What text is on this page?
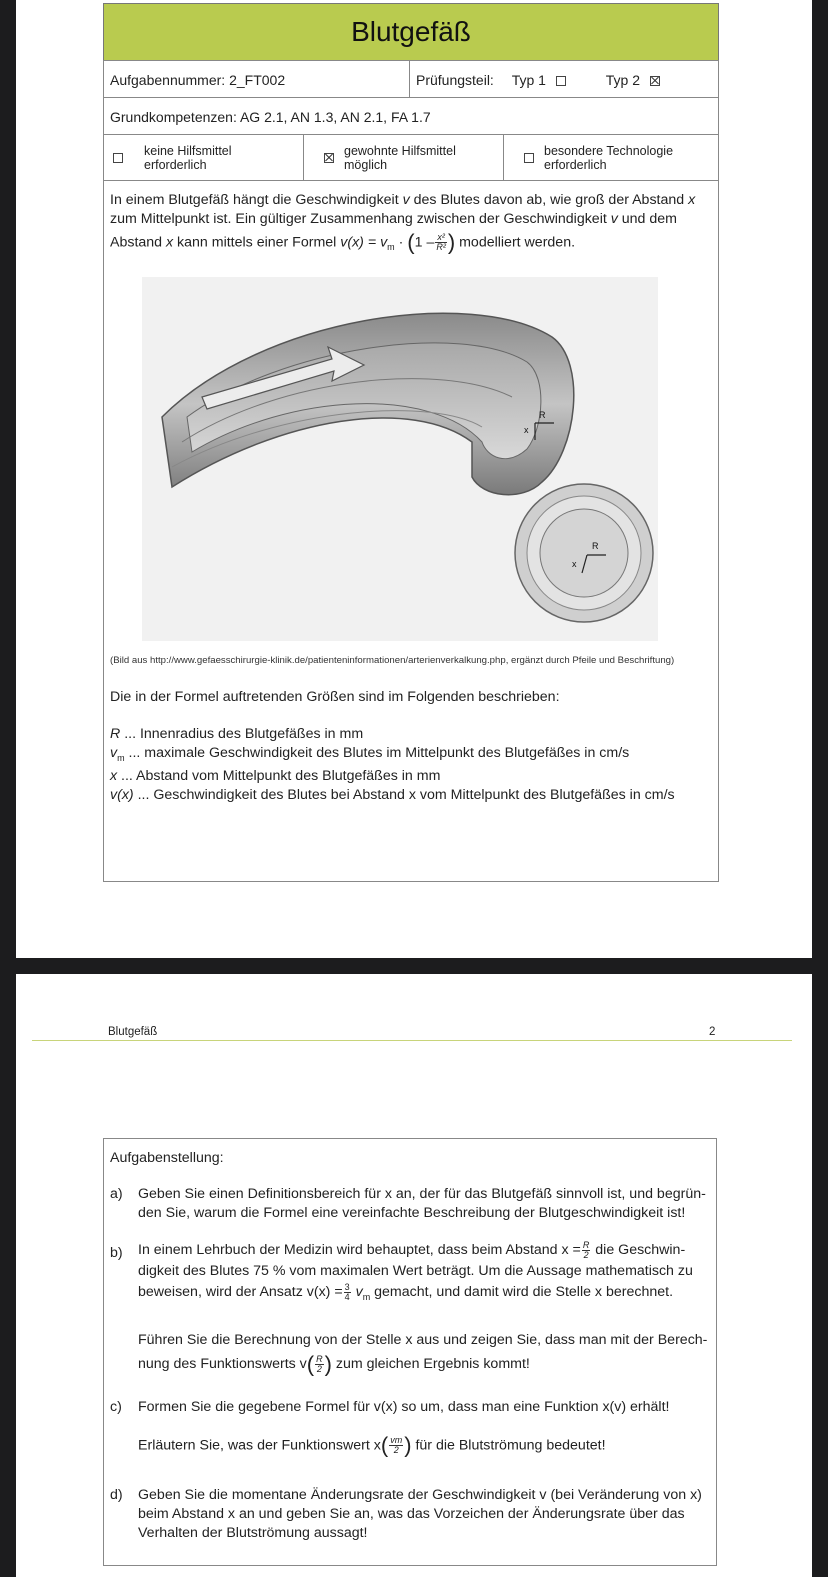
Blutgefäß
Aufgabennummer: 2_FT002	Prüfungsteil: Typ 1	Typ 2
Grundkompetenzen: AG 2.1, AN 1.3, AN 2.1, FA 1.7
keine Hilfsmittel
erforderlich
gewohnte Hilfsmittel
möglich
besondere Technologie
erforderlich
In einem Blutgefäß hängt die Geschwindigkeit v des Blutes davon ab, wie groß der Abstand x
zum Mittelpunkt ist. Ein gültiger Zusammenhang zwischen der Geschwindigkeit v und dem
Abstand x kann mittels einer Formel $v(x) = v_m \cdot (1 - \frac{\text{x²}}{\text{R²}}$ ) modelliert werden.
R
x
R
x
(Bild aus http://www.gefaesschirurgie-klinik.de/patienteninformationen/arterienverkalkung.php, ergänzt durch Pfeile und Beschriftung)
Die in der Formel auftretenden Größen sind im Folgenden beschrieben:
R ... Innenradius des Blutgefäßes in mm
$v_m$ ... maximale Geschwindigkeit des Blutes im Mittelpunkt des Blutgefäßes in cm/s
x ... Abstand vom Mittelpunkt des Blutgefäßes in mm
v(x) ... Geschwindigkeit des Blutes bei Abstand x vom Mittelpunkt des Blutgefäßes in cm/s
Blutgefäß	2
Aufgabenstellung:
a) Geben Sie einen Definitionsbereich für x an, der für das Blutgefäß sinnvoll ist, und begrün-
den Sie, warum die Formel eine vereinfachte Beschreibung der Blutgeschwindigkeit ist!
b) In einem Lehrbuch der Medizin wird behauptet, dass beim Abstand $x = \frac{R}{2}$ die Geschwin-
digkeit des Blutes 75 % vom maximalen Wert beträgt. Um die Aussage mathematisch zu
beweisen, wird der Ansatz $v(x) = \frac{3}{4} v_m$ gemacht, und damit wird die Stelle x berechnet.
Führen Sie die Berechnung von der Stelle x aus und zeigen Sie, dass man mit der Berech-
nung des Funktionswerts $v( \frac{R}{2}$ ) zum gleichen Ergebnis kommt!
c) Formen Sie die gegebene Formel für v(x) so um, dass man eine Funktion x(v) erhält!
Erläutern Sie, was der Funktionswert $x( \frac{vm}{2}$ ) für die Blutströmung bedeutet!
d) Geben Sie die momentane Änderungsrate der Geschwindigkeit v (bei Veränderung von x)
beim Abstand x an und geben Sie an, was das Vorzeichen der Änderungsrate über das
Verhalten der Blutströmung aussagt!
